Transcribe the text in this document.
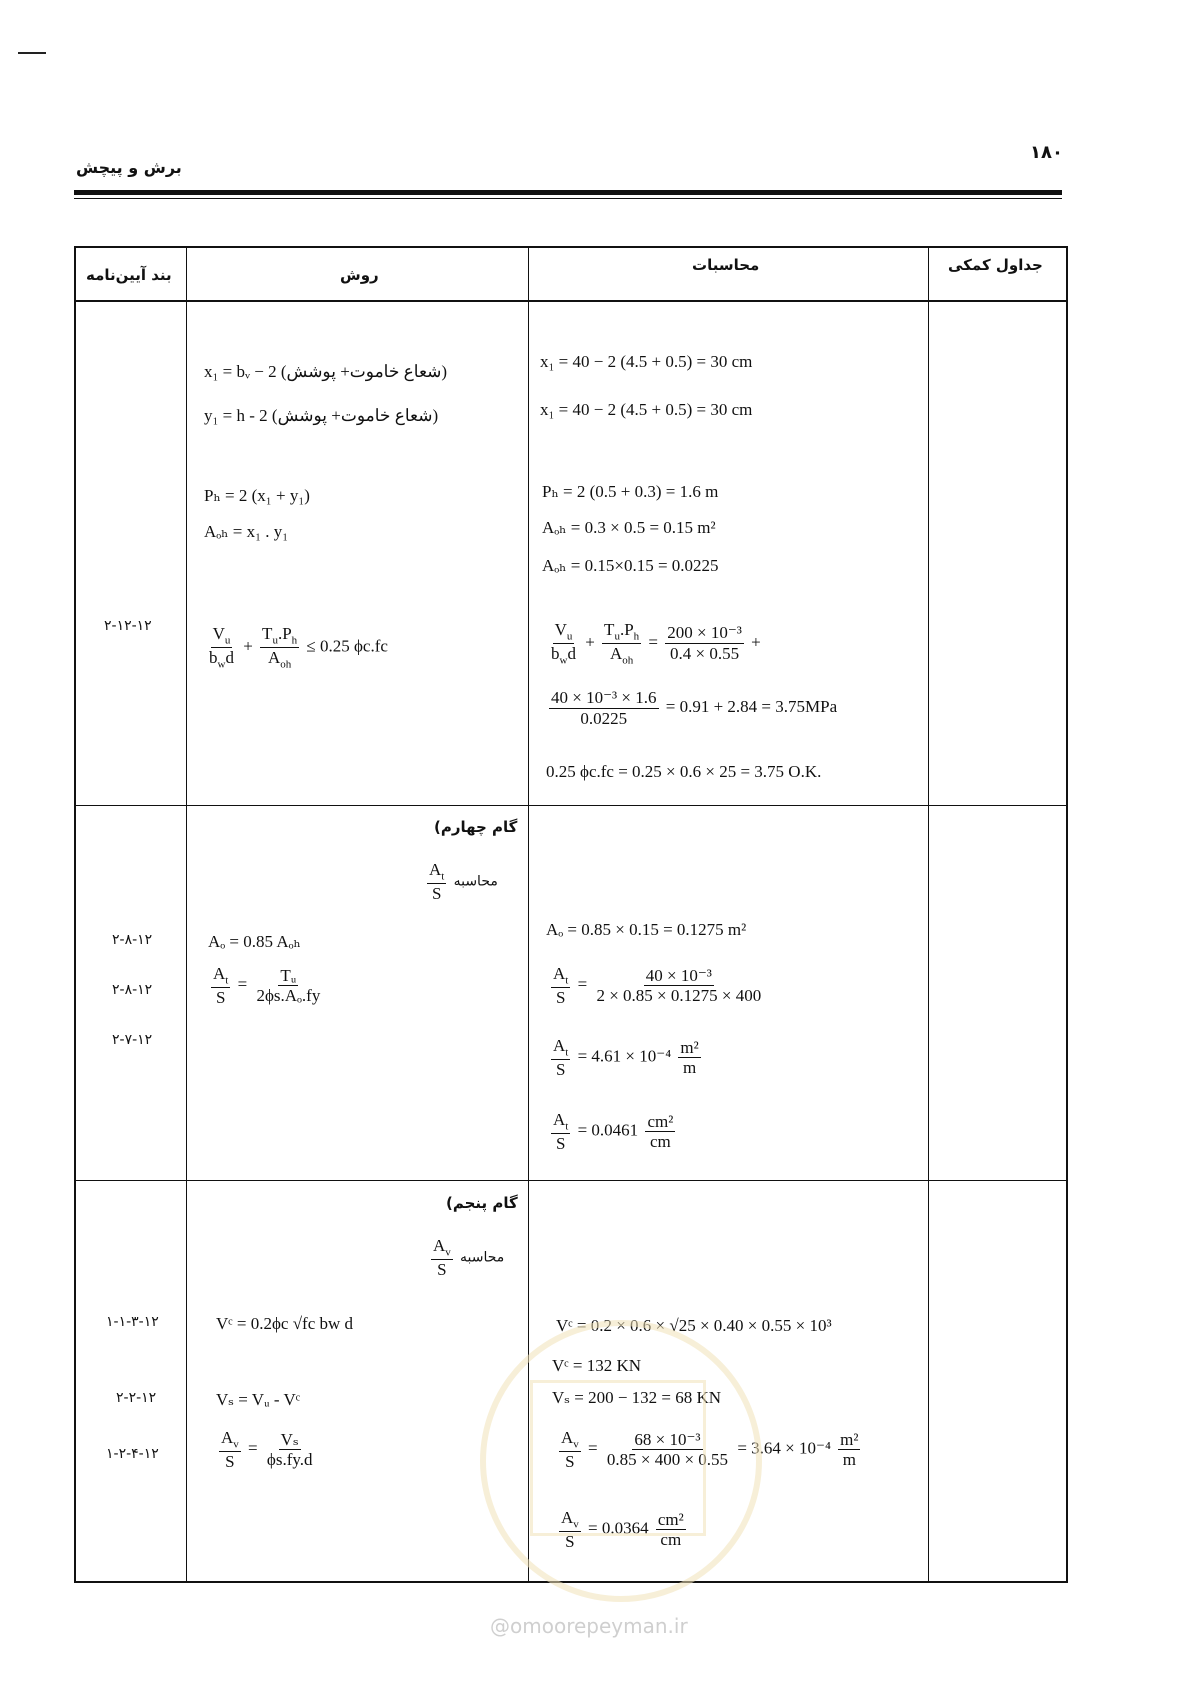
۱۸۰
برش و پیچش
بند آیین‌نامه	روش
محاسبات	جداول کمکی
۲-۱۲-۱۲
x₁ = bᵥ − 2 (شعاع خاموت+ پوشش)
y₁ = h - 2 (شعاع خاموت+ پوشش)
Pₕ = 2 (x₁ + y₁)
Aₒₕ = x₁ . y₁
$\frac{V_u}{b_wd} + \frac{T_u.P_h}{A_{oh}} \le 0.25$ ϕc.fc
x₁ = 40 − 2 (4.5 + 0.5) = 30 cm
x₁ = 40 − 2 (4.5 + 0.5) = 30 cm
Pₕ = 2 (0.5 + 0.3) = 1.6 m
Aₒₕ = 0.3 × 0.5 = 0.15 m²
Aₒₕ = 0.15×0.15 = 0.0225
$\frac{V_u}{b_wd} + \frac{T_u.P_h}{A_{oh}} = \frac{\text{200 × 10⁻³}}{0.4 \times 0.55}$ +
$\frac{\text{40 × 10⁻³ × 1.6}}{0.0225} = 0.91 + 2.84 = 3.75MPa$
0.25 ϕc.fc = 0.25 × 0.6 × 25 = 3.75 O.K.
گام چهارم)
$\frac{A_t}{S}$ محاسبه
۲-۸-۱۲
۲-۸-۱۲
۲-۷-۱۲
Aₒ = 0.85 Aₒₕ
$\frac{A_t}{S} = \frac{\text{Tᵤ}}{\text{2ϕs.Aₒ.fy}}$
Aₒ = 0.85 × 0.15 = 0.1275 m²
$\frac{A_t}{S} = \frac{\text{40 × 10⁻³}}{2 \times 0.85 \times 0.1275 \times 400}$
$\frac{A_t}{S} = 4.61 \times 10^{-4} \frac{\text{m²}}{m}$
$\frac{A_t}{S} = 0.0461 \frac{\text{cm²}}{cm}$
گام پنجم)
$\frac{A_v}{S}$ محاسبه
۱-۱-۳-۱۲
۲-۲-۱۲
۱-۲-۴-۱۲
Vᶜ = 0.2ϕc √fc bw d
Vₛ = Vᵤ - Vᶜ
$\frac{A_v}{S} = \frac{\text{Vₛ}}{\phi s.fy.d}$
Vᶜ = 0.2 × 0.6 × √25 × 0.40 × 0.55 × 10³
Vᶜ = 132 KN
Vₛ = 200 − 132 = 68 KN
$\frac{A_v}{S} = \frac{\text{68 × 10⁻³}}{0.85 \times 400 \times 0.55} = 3.64 \times 10^{-4} \frac{\text{m²}}{m}$
$\frac{A_v}{S} = 0.0364 \frac{\text{cm²}}{cm}$
@omoorepeyman.ir
